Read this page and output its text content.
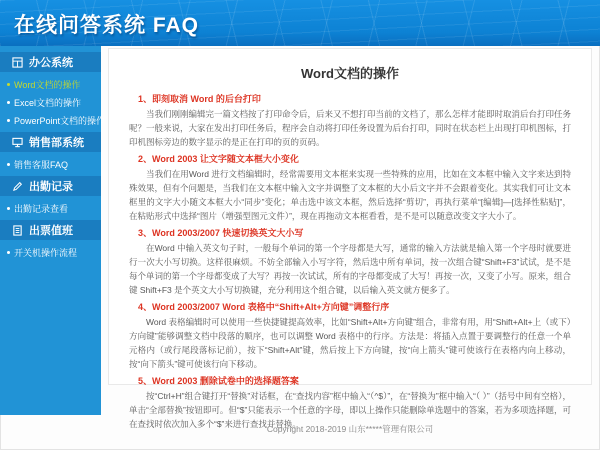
在线问答系统 FAQ
办公系统
Word文档的操作
Excel文档的操作
PowerPoint文档的操作
销售部系统
销售客服FAQ
出勤记录
出勤记录查看
出票值班
开关机操作流程
Word文档的操作
1、即刻取消 Word 的后台打印
当我们刚刚编辑完一篇文档按了打印命令后，后来又不想打印当前的文档了，那么怎样才能即时取消后台打印任务呢？一般来说，大家在发出打印任务后，程序会自动将打印任务设置为后台打印，同时在状态栏上出现打印机图标，打印机图标旁边的数字显示的是正在打印的页的页码。
2、Word 2003 让文字随文本框大小变化
当我们在用Word 进行文档编辑时，经常需要用文本框来实现一些特殊的应用，比如在文本框中输入文字来达到特殊效果，但有个问题是，当我们在文本框中输入文字并调整了文本框的大小后文字并不会跟着变化。其实我们可让文本框里的文字大小随文本框大小“同步”变化；单击选中该文本框，然后选择“剪切”，再执行菜单“[编辑]—[选择性粘贴]”，在粘贴形式中选择“图片（增强型图元文件）”，现在再拖动文本框看看，是不是可以随意改变文字大小了。
3、Word 2003/2007 快速切换英文大小写
在Word 中输入英文句子时，一般每个单词的第一个字母都是大写，通常的输入方法就是输入第一个字母时就要进行一次大小写切换。这样很麻烦。不妨全部输入小写字符，然后选中所有单词，按一次组合键“Shift+F3”试试，是不是每个单词的第一个字母都变成了大写？再按一次试试，所有的字母都变成了大写！再按一次，又变了小写。原来，组合键 Shift+F3 是个英文大小写切换键，充分利用这个组合键，以后输入英文就方便多了。
4、Word 2003/2007 Word 表格中“Shift+Alt+方向键”调整行序
Word 表格编辑时可以使用一些快捷键提高效率，比如“Shift+Alt+方向键”组合，非常有用，用“Shift+Alt+上（或下）方向键”能够调整文档中段落的顺序，也可以调整 Word 表格中的行序。方法是：将插入点置于要调整行的任意一个单元格内（或行尾段落标记前），按下“Shift+Alt”键，然后按上下方向键，按“向上箭头”键可使该行在表格内向上移动，按“向下箭头”键可使该行向下移动。
5、Word 2003 删除试卷中的选择题答案
按“Ctrl+H”组合键打开“替换”对话框，在“查找内容”框中输入“（^$）”，在“替换为”框中输入“（ ）”（括号中间有空格），单击“全部替换”按钮即可。但“$”只能表示一个任意的字母，即以上操作只能删除单选题中的答案，若为多项选择题，可在查找时依次加入多个“$”来进行查找并替换。
Copyright 2018-2019 山东*****管理有限公司
